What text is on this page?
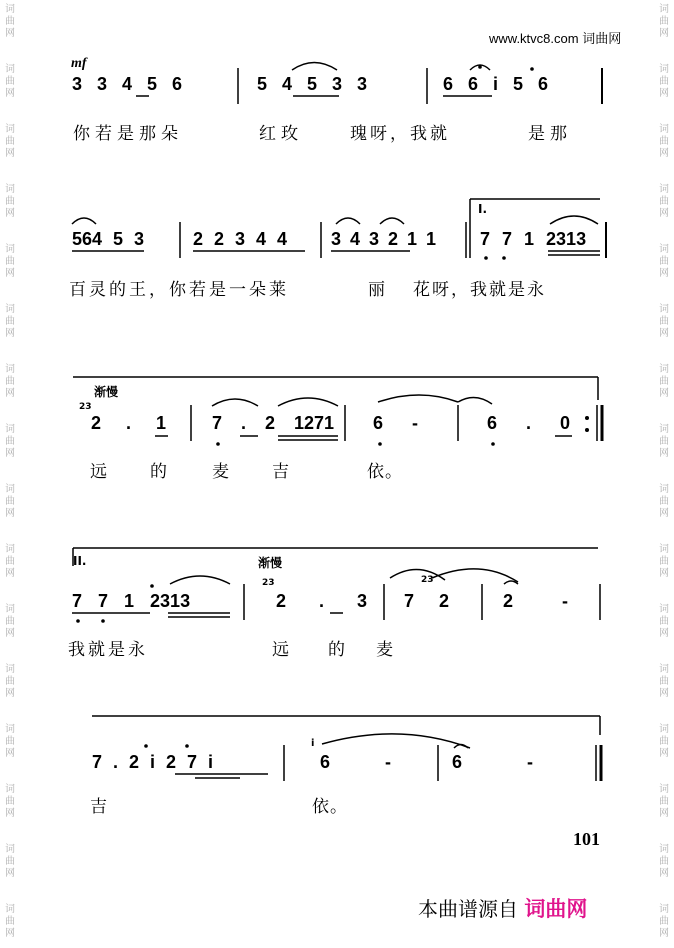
词
曲
网
词
曲
网
词
曲
网
词
曲
网
词
曲
网
词
曲
网
词
曲
网
词
曲
网
词
曲
网
词
曲
网
词
曲
网
词
曲
网
词
曲
网
词
曲
网
词
曲
网
词
曲
网
词
曲
网
词
曲
网
词
曲
网
词
曲
网
词
曲
网
词
曲
网
词
曲
网
词
曲
网
词
曲
网
词
曲
网
词
曲
网
词
曲
网
词
曲
网
词
曲
网
词
曲
网
词
曲
网
www.ktvc8.com 词曲网
mf
3 3 4 5 6	5 4 5 3 3	6 6 i 5 6
你若是那朵	红玫	瑰呀，我就	是那
564 5 3	2 2 3 4 4 3 4 3 2 1 1 7 7 1 2313
I.
百灵的王，你若是一朵莱	丽 花呀，我就是永
渐慢
23
2 . 1	7 . 2 1271 6 -	6 . 0
远 的	麦 吉	依。
II.	渐慢
23	23
7 7 1 2313	2 . 3 7 2	2 -
我就是永	远 的 麦
i
7 . 2 i 2 7 i	6 -	6 -
吉	依。
101
本曲谱源自 词曲网
